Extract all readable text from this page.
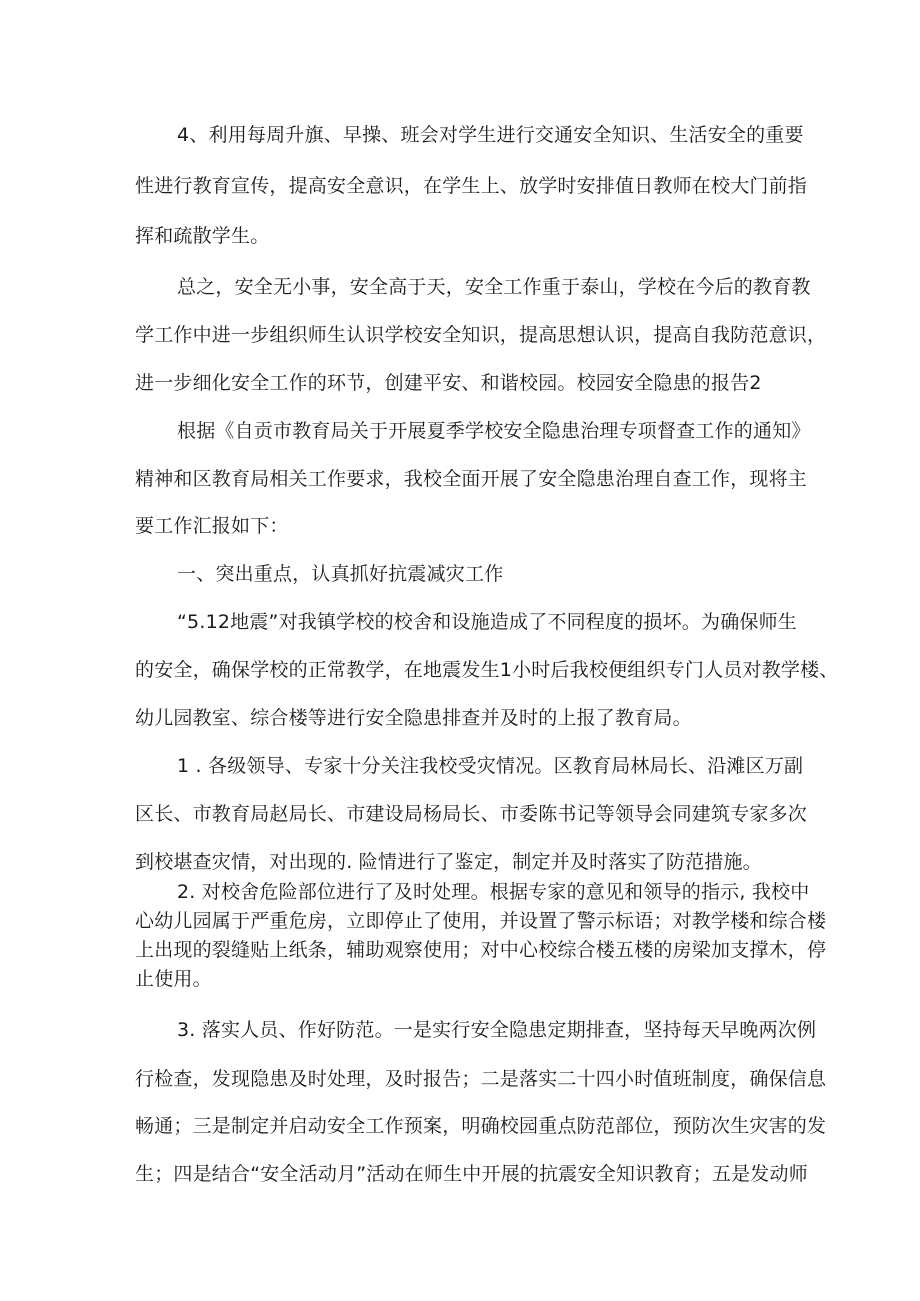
4、利用每周升旗、早操、班会对学生进行交通安全知识、生活安全的重要

性进行教育宣传，提高安全意识，在学生上、放学时安排值日教师在校大门前指

挥和疏散学生。

总之，安全无小事，安全高于天，安全工作重于泰山，学校在今后的教育教

学工作中进一步组织师生认识学校安全知识，提高思想认识，提高自我防范意识，

进一步细化安全工作的环节，创建平安、和谐校园。校园安全隐患的报告2

根据《自贡市教育局关于开展夏季学校安全隐患治理专项督查工作的通知》

精神和区教育局相关工作要求，我校全面开展了安全隐患治理自查工作，现将主

要工作汇报如下：

一、突出重点，认真抓好抗震减灾工作

“5.12地震”对我镇学校的校舍和设施造成了不同程度的损坏。为确保师生

的安全，确保学校的正常教学，在地震发生1小时后我校便组织专门人员对教学楼、

幼儿园教室、综合楼等进行安全隐患排查并及时的上报了教育局。

1 . 各级领导、专家十分关注我校受灾情况。区教育局林局长、沿滩区万副

区长、市教育局赵局长、市建设局杨局长、市委陈书记等领导会同建筑专家多次

到校堪查灾情，对出现的. 险情进行了鉴定，制定并及时落实了防范措施。

2. 对校舍危险部位进行了及时处理。根据专家的意见和领导的指示, 我校中

心幼儿园属于严重危房，立即停止了使用，并设置了警示标语；对教学楼和综合楼

上出现的裂缝贴上纸条，辅助观察使用；对中心校综合楼五楼的房梁加支撑木，停

止使用。

3. 落实人员、作好防范。一是实行安全隐患定期排查，坚持每天早晚两次例

行检查，发现隐患及时处理，及时报告；二是落实二十四小时值班制度，确保信息

畅通；三是制定并启动安全工作预案，明确校园重点防范部位，预防次生灾害的发

生；四是结合“安全活动月”活动在师生中开展的抗震安全知识教育；五是发动师
